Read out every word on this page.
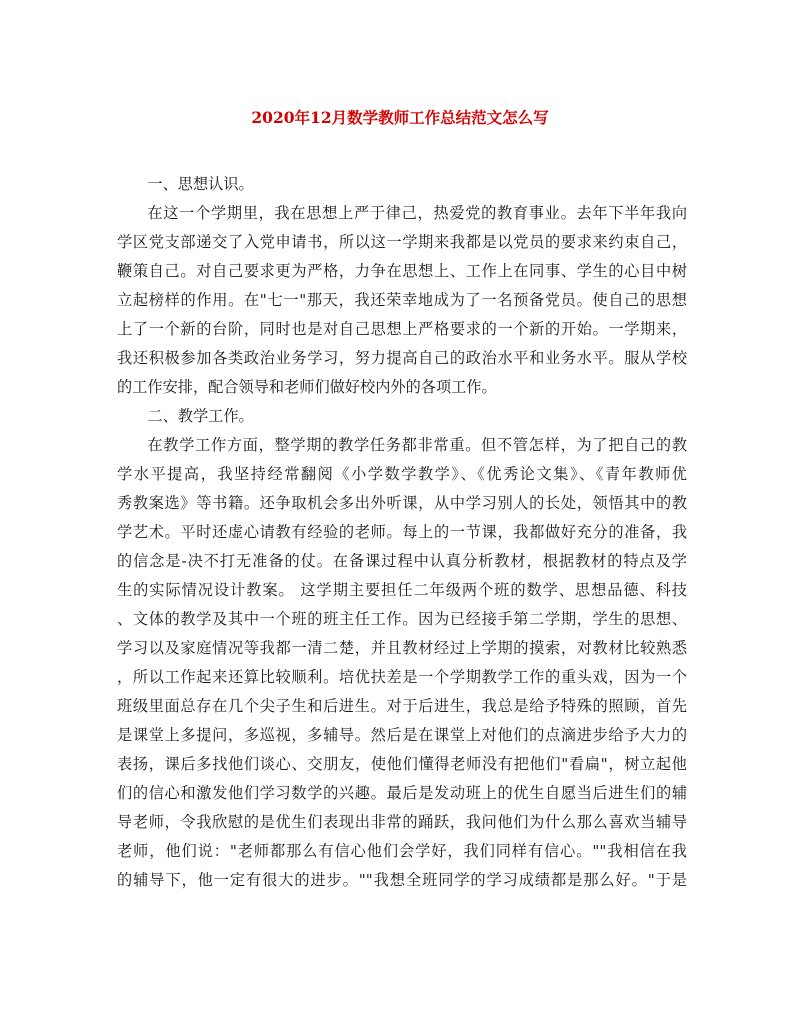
2020年12月数学教师工作总结范文怎么写
一、思想认识。
在这一个学期里，我在思想上严于律己，热爱党的教育事业。去年下半年我向
学区党支部递交了入党申请书，所以这一学期来我都是以党员的要求来约束自己，
鞭策自己。对自己要求更为严格，力争在思想上、工作上在同事、学生的心目中树
立起榜样的作用。在"七一"那天，我还荣幸地成为了一名预备党员。使自己的思想
上了一个新的台阶，同时也是对自己思想上严格要求的一个新的开始。一学期来，
我还积极参加各类政治业务学习，努力提高自己的政治水平和业务水平。服从学校
的工作安排，配合领导和老师们做好校内外的各项工作。
二、教学工作。
在教学工作方面，整学期的教学任务都非常重。但不管怎样，为了把自己的教
学水平提高，我坚持经常翻阅《小学数学教学》、《优秀论文集》、《青年教师优
秀教案选》等书籍。还争取机会多出外听课，从中学习别人的长处，领悟其中的教
学艺术。平时还虚心请教有经验的老师。每上的一节课，我都做好充分的准备，我
的信念是-决不打无准备的仗。在备课过程中认真分析教材，根据教材的特点及学
生的实际情况设计教案。 这学期主要担任二年级两个班的数学、思想品德、科技
、文体的教学及其中一个班的班主任工作。因为已经接手第二学期，学生的思想、
学习以及家庭情况等我都一清二楚，并且教材经过上学期的摸索，对教材比较熟悉
，所以工作起来还算比较顺利。培优扶差是一个学期教学工作的重头戏，因为一个
班级里面总存在几个尖子生和后进生。对于后进生，我总是给予特殊的照顾，首先
是课堂上多提问，多巡视，多辅导。然后是在课堂上对他们的点滴进步给予大力的
表扬，课后多找他们谈心、交朋友，使他们懂得老师没有把他们"看扁"，树立起他
们的信心和激发他们学习数学的兴趣。最后是发动班上的优生自愿当后进生们的辅
导老师，令我欣慰的是优生们表现出非常的踊跃，我问他们为什么那么喜欢当辅导
老师，他们说："老师都那么有信心他们会学好，我们同样有信心。""我相信在我
的辅导下，他一定有很大的进步。""我想全班同学的学习成绩都是那么好。"于是
